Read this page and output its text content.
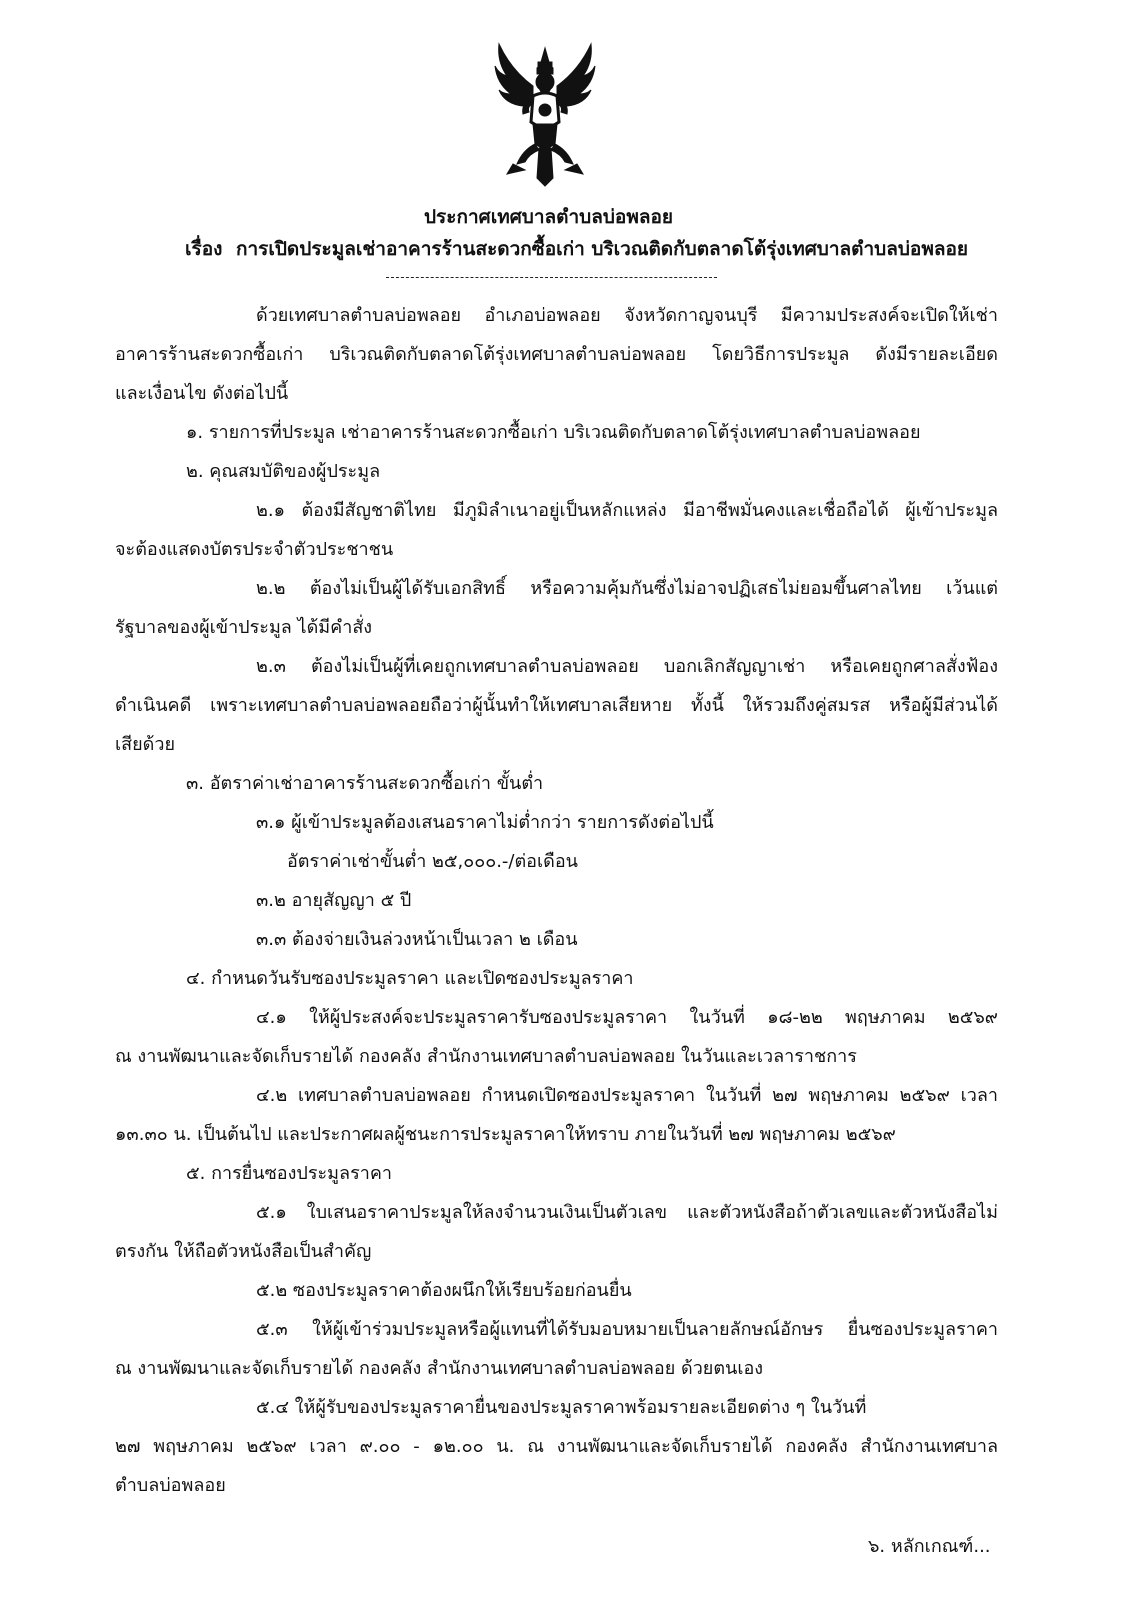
ประกาศเทศบาลตำบลบ่อพลอย
เรื่อง การเปิดประมูลเช่าอาคารร้านสะดวกซื้อเก่า บริเวณติดกับตลาดโต้รุ่งเทศบาลตำบลบ่อพลอย
ด้วยเทศบาลตำบลบ่อพลอย อำเภอบ่อพลอย จังหวัดกาญจนบุรี มีความประสงค์จะเปิดให้เช่า
อาคารร้านสะดวกซื้อเก่า บริเวณติดกับตลาดโต้รุ่งเทศบาลตำบลบ่อพลอย โดยวิธีการประมูล ดังมีรายละเอียด
และเงื่อนไข ดังต่อไปนี้
๑. รายการที่ประมูล เช่าอาคารร้านสะดวกซื้อเก่า บริเวณติดกับตลาดโต้รุ่งเทศบาลตำบลบ่อพลอย
๒. คุณสมบัติของผู้ประมูล
๒.๑ ต้องมีสัญชาติไทย มีภูมิลำเนาอยู่เป็นหลักแหล่ง มีอาชีพมั่นคงและเชื่อถือได้ ผู้เข้าประมูล
จะต้องแสดงบัตรประจำตัวประชาชน
๒.๒ ต้องไม่เป็นผู้ได้รับเอกสิทธิ์ หรือความคุ้มกันซึ่งไม่อาจปฏิเสธไม่ยอมขึ้นศาลไทย เว้นแต่
รัฐบาลของผู้เข้าประมูล ได้มีคำสั่ง
๒.๓ ต้องไม่เป็นผู้ที่เคยถูกเทศบาลตำบลบ่อพลอย บอกเลิกสัญญาเช่า หรือเคยถูกศาลสั่งฟ้อง
ดำเนินคดี เพราะเทศบาลตำบลบ่อพลอยถือว่าผู้นั้นทำให้เทศบาลเสียหาย ทั้งนี้ ให้รวมถึงคู่สมรส หรือผู้มีส่วนได้
เสียด้วย
๓. อัตราค่าเช่าอาคารร้านสะดวกซื้อเก่า ขั้นต่ำ
๓.๑ ผู้เข้าประมูลต้องเสนอราคาไม่ต่ำกว่า รายการดังต่อไปนี้
อัตราค่าเช่าขั้นต่ำ ๒๕,๐๐๐.-/ต่อเดือน
๓.๒ อายุสัญญา ๕ ปี
๓.๓ ต้องจ่ายเงินล่วงหน้าเป็นเวลา ๒ เดือน
๔. กำหนดวันรับซองประมูลราคา และเปิดซองประมูลราคา
๔.๑ ให้ผู้ประสงค์จะประมูลราคารับซองประมูลราคา ในวันที่ ๑๘-๒๒ พฤษภาคม ๒๕๖๙
ณ งานพัฒนาและจัดเก็บรายได้ กองคลัง สำนักงานเทศบาลตำบลบ่อพลอย ในวันและเวลาราชการ
๔.๒ เทศบาลตำบลบ่อพลอย กำหนดเปิดซองประมูลราคา ในวันที่ ๒๗ พฤษภาคม ๒๕๖๙ เวลา
๑๓.๓๐ น. เป็นต้นไป และประกาศผลผู้ชนะการประมูลราคาให้ทราบ ภายในวันที่ ๒๗ พฤษภาคม ๒๕๖๙
๕. การยื่นซองประมูลราคา
๕.๑ ใบเสนอราคาประมูลให้ลงจำนวนเงินเป็นตัวเลข และตัวหนังสือถ้าตัวเลขและตัวหนังสือไม่
ตรงกัน ให้ถือตัวหนังสือเป็นสำคัญ
๕.๒ ซองประมูลราคาต้องผนึกให้เรียบร้อยก่อนยื่น
๕.๓ ให้ผู้เข้าร่วมประมูลหรือผู้แทนที่ได้รับมอบหมายเป็นลายลักษณ์อักษร ยื่นซองประมูลราคา
ณ งานพัฒนาและจัดเก็บรายได้ กองคลัง สำนักงานเทศบาลตำบลบ่อพลอย ด้วยตนเอง
๕.๔ ให้ผู้รับของประมูลราคายื่นของประมูลราคาพร้อมรายละเอียดต่าง ๆ ในวันที่
๒๗ พฤษภาคม ๒๕๖๙ เวลา ๙.๐๐ - ๑๒.๐๐ น. ณ งานพัฒนาและจัดเก็บรายได้ กองคลัง สำนักงานเทศบาล
ตำบลบ่อพลอย
๖. หลักเกณฑ์...
